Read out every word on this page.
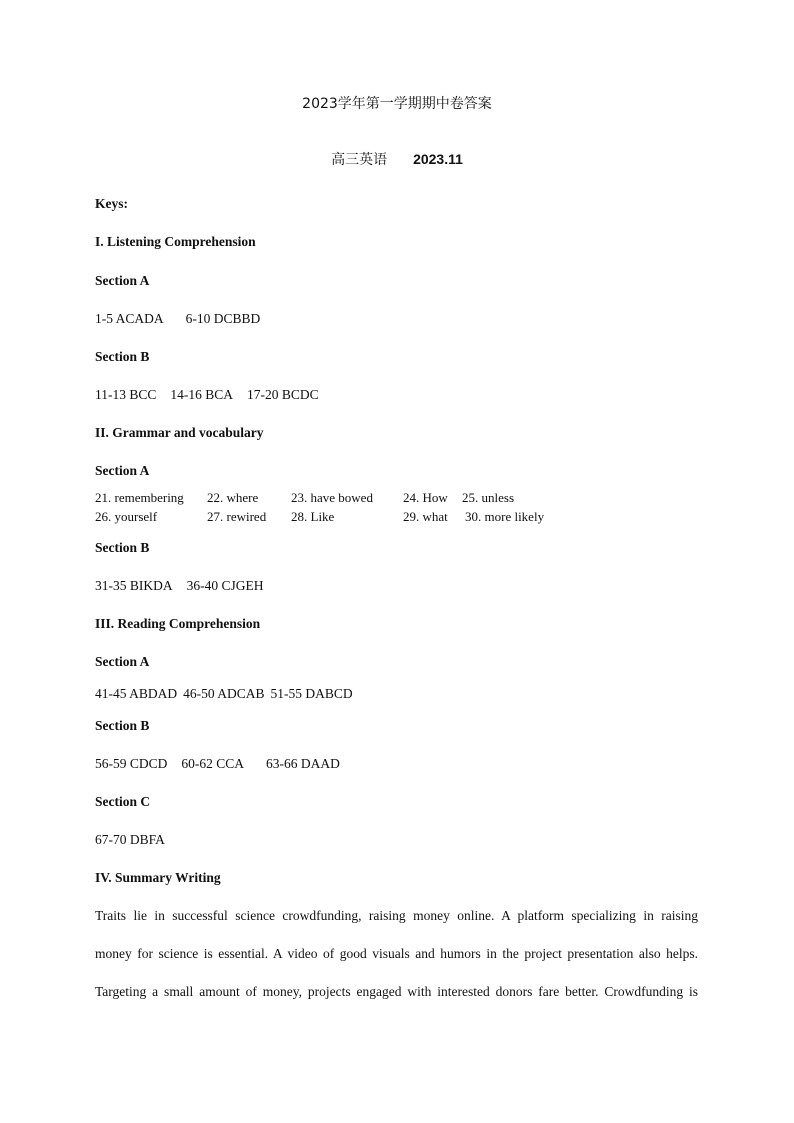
2023学年第一学期期中卷答案
高三英语 2023.11
Keys:
I. Listening Comprehension
Section A
1-5 ACADA 6-10 DCBBD
Section B
11-13 BCC 14-16 BCA 17-20 BCDC
II. Grammar and vocabulary
Section A
21. remembering 22. where	23. have bowed 24. How 25. unless
26. yourself	27. rewired 28. Like	29. what 30. more likely
Section B
31-35 BIKDA 36-40 CJGEH
III. Reading Comprehension
Section A
41-45 ABDAD 46-50 ADCAB 51-55 DABCD
Section B
56-59 CDCD 60-62 CCA 63-66 DAAD
Section C
67-70 DBFA
IV. Summary Writing
Traits lie in successful science crowdfunding, raising money online. A platform specializing in raising
money for science is essential. A video of good visuals and humors in the project presentation also helps.
Targeting a small amount of money, projects engaged with interested donors fare better. Crowdfunding is
